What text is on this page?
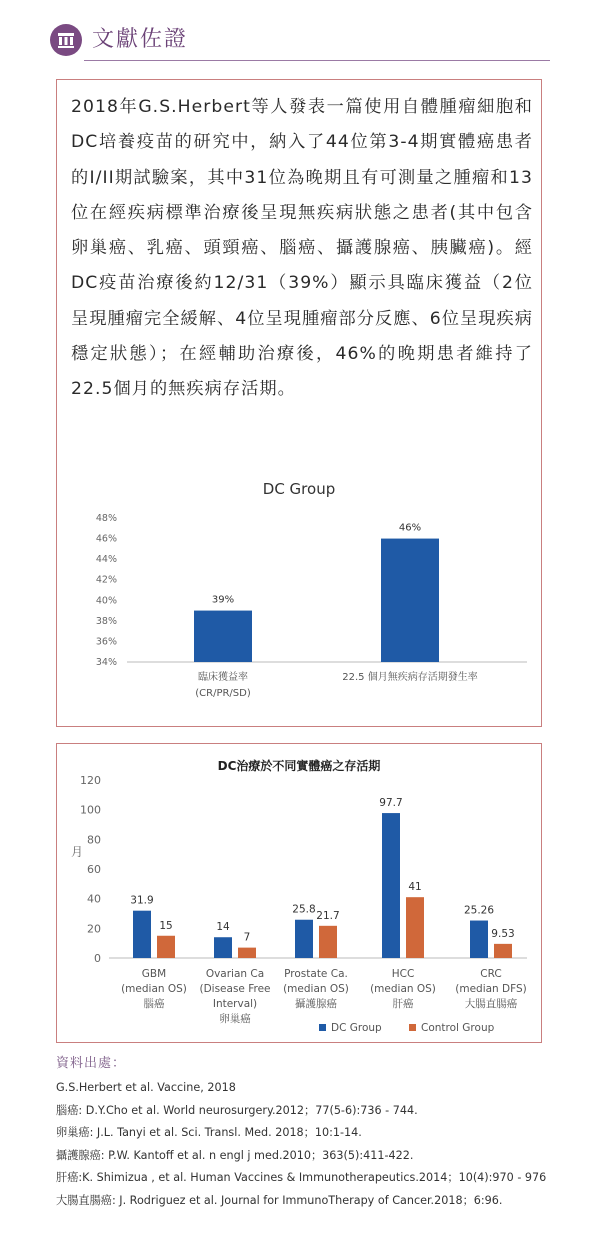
文獻佐證
2018年G.S.Herbert等人發表一篇使用自體腫瘤細胞和DC培養疫苗的研究中，納入了44位第3-4期實體癌患者的I/II期試驗案，其中31位為晚期且有可測量之腫瘤和13位在經疾病標準治療後呈現無疾病狀態之患者(其中包含卵巢癌、乳癌、頭頸癌、腦癌、攝護腺癌、胰臟癌)。經DC疫苗治療後約12/31（39%）顯示具臨床獲益（2位呈現腫瘤完全緩解、4位呈現腫瘤部分反應、6位呈現疾病穩定狀態）；在經輔助治療後，46%的晚期患者維持了22.5個月的無疾病存活期。
DC Group
48%
46%
44%
42%
40%
38%
36%
34%
39%
臨床獲益率
(CR/PR/SD)
46%
22.5 個月無疾病存活期發生率
DC治療於不同實體癌之存活期
120
100
80
60
40
20
0
月
31.9
15
GBM
(median OS)
腦癌
14
7
Ovarian Ca
(Disease Free
Interval)
卵巢癌
25.8
21.7
Prostate Ca.
(median OS)
攝護腺癌
97.7
41
HCC
(median OS)
肝癌
25.26
9.53
CRC
(median DFS)
大腸直腸癌
DC Group	Control Group
資料出處：
G.S.Herbert et al. Vaccine, 2018
腦癌: D.Y.Cho et al. World neurosurgery.2012；77(5-6):736 - 744.
卵巢癌: J.L. Tanyi et al. Sci. Transl. Med. 2018；10:1-14.
攝護腺癌: P.W. Kantoff et al. n engl j med.2010；363(5):411-422.
肝癌:K. Shimizua , et al. Human Vaccines & Immunotherapeutics.2014；10(4):970 - 976
大腸直腸癌: J. Rodriguez et al. Journal for ImmunoTherapy of Cancer.2018；6:96.
